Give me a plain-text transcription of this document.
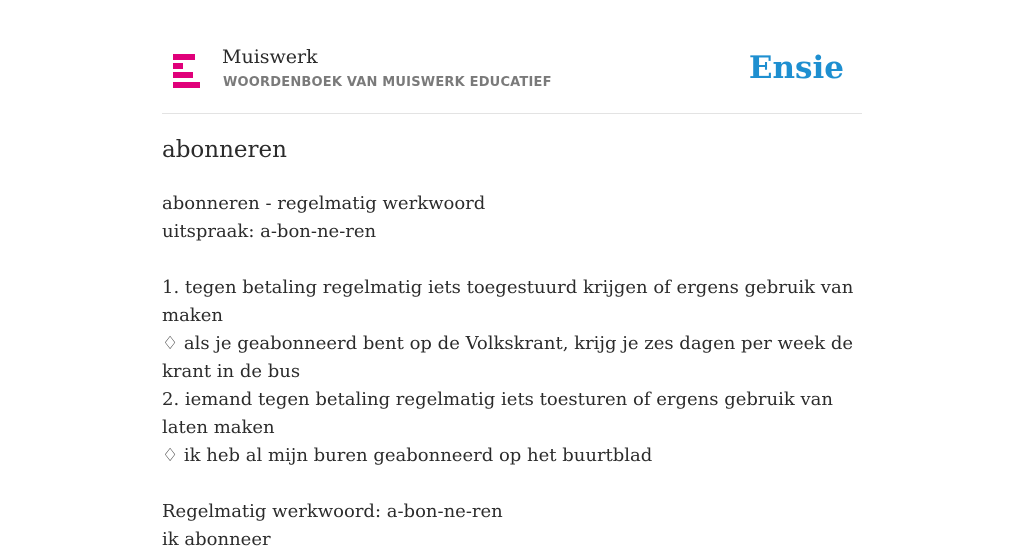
Muiswerk
WOORDENBOEK VAN MUISWERK EDUCATIEF	Ensie
abonneren
abonneren - regelmatig werkwoord
uitspraak: a-bon-ne-ren
1. tegen betaling regelmatig iets toegestuurd krijgen of ergens gebruik van maken
♢ als je geabonneerd bent op de Volkskrant, krijg je zes dagen per week de krant in de bus
2. iemand tegen betaling regelmatig iets toesturen of ergens gebruik van laten maken
♢ ik heb al mijn buren geabonneerd op het buurtblad
Regelmatig werkwoord: a-bon-ne-ren
ik abonneer
